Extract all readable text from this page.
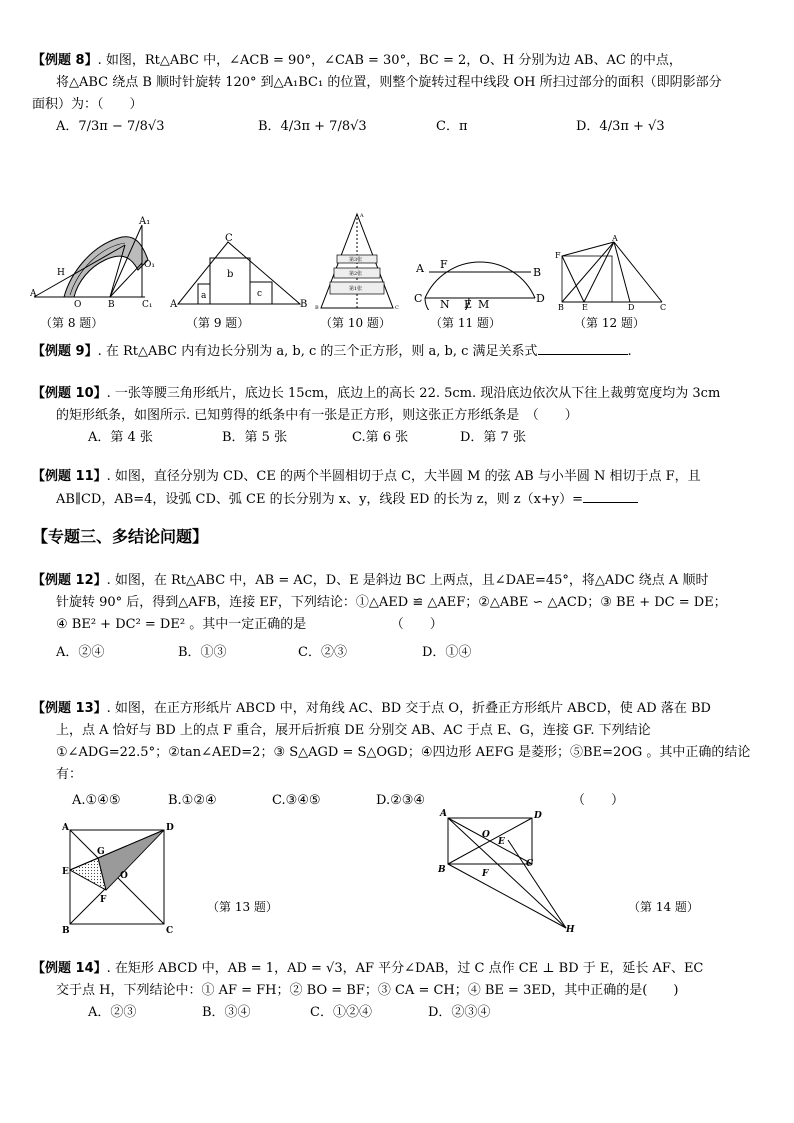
【例题 8】. 如图，Rt△ABC 中，∠ACB = 90°，∠CAB = 30°，BC = 2，O、H 分别为边 AB、AC 的中点，
将△ABC 绕点 B 顺时针旋转 120° 到△A₁BC₁ 的位置，则整个旋转过程中线段 OH 所扫过部分的面积（即阴影部分
面积）为：（　　）
A．7/3π − 7/8√3	B．4/3π + 7/8√3	C．π	D．4/3π + √3
A₁
H
O₁
A
O	B	C₁
（第 8 题）
C
b
a	c
A	B
（第 9 题）
第3张
第2张
第1张
A
B	C
（第 10 题）
A F
B
C N E M	D
（第 11 题）
F
A
B E	D	C
（第 12 题）
【例题 9】. 在 Rt△ABC 内有边长分别为 a, b, c 的三个正方形，则 a, b, c 满足关系式	.
【例题 10】. 一张等腰三角形纸片，底边长 15cm，底边上的高长 22. 5cm. 现沿底边依次从下往上裁剪宽度均为 3cm
的矩形纸条，如图所示. 已知剪得的纸条中有一张是正方形，则这张正方形纸条是　（　　）
A．第 4 张	B．第 5 张	C.第 6 张	D．第 7 张
【例题 11】. 如图，直径分别为 CD、CE 的两个半圆相切于点 C，大半圆 M 的弦 AB 与小半圆 N 相切于点 F，且
AB∥CD，AB=4，设弧 CD、弧 CE 的长分别为 x、y，线段 ED 的长为 z，则 z（x+y）=
【专题三、多结论问题】
【例题 12】. 如图，在 Rt△ABC 中，AB = AC，D、E 是斜边 BC 上两点，且∠DAE=45°，将△ADC 绕点 A 顺时
针旋转 90° 后，得到△AFB，连接 EF，下列结论：①△AED ≌ △AEF；②△ABE ∽ △ACD；③ BE + DC = DE；
④ BE² + DC² = DE² 。其中一定正确的是　　　　　　　（　　）
A．②④	B．①③	C．②③	D．①④
【例题 13】. 如图，在正方形纸片 ABCD 中，对角线 AC、BD 交于点 O，折叠正方形纸片 ABCD，使 AD 落在 BD
上，点 A 恰好与 BD 上的点 F 重合，展开后折痕 DE 分别交 AB、AC 于点 E、G，连接 GF. 下列结论
①∠ADG=22.5°；②tan∠AED=2；③ S△AGD = S△OGD；④四边形 AEFG 是菱形；⑤BE=2OG 。其中正确的结论有：
A.①④⑤	B.①②④	C.③④⑤	D.②③④	（　　）
A	D
G
E	O
F
B	C
（第 13 题）
A	D
O
E
B	F
C
H
（第 14 题）
【例题 14】. 在矩形 ABCD 中，AB = 1，AD = √3，AF 平分∠DAB，过 C 点作 CE ⊥ BD 于 E，延长 AF、EC
交于点 H，下列结论中：① AF = FH；② BO = BF；③ CA = CH；④ BE = 3ED，其中正确的是(　　)
A．②③	B．③④	C．①②④	D．②③④
